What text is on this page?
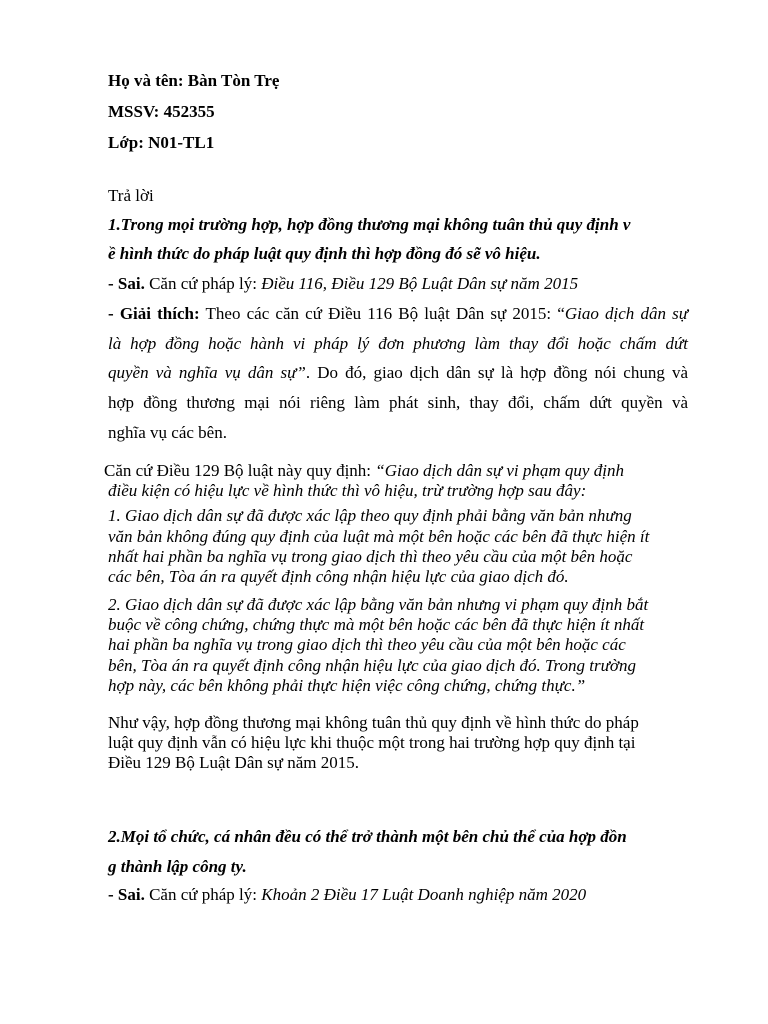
Họ và tên: Bàn Tòn Trẹ
MSSV: 452355
Lớp: N01-TL1
Trả lời
1.Trong mọi trường hợp, hợp đồng thương mại không tuân thủ quy định v
ề hình thức do pháp luật quy định thì hợp đồng đó sẽ vô hiệu.
- Sai. Căn cứ pháp lý: Điều 116, Điều 129 Bộ Luật Dân sự năm 2015
- Giải thích: Theo các căn cứ Điều 116 Bộ luật Dân sự 2015: “Giao dịch dân sự
là hợp đồng hoặc hành vi pháp lý đơn phương làm thay đổi hoặc chấm dứt
quyền và nghĩa vụ dân sự”. Do đó, giao dịch dân sự là hợp đồng nói chung và
hợp đồng thương mại nói riêng làm phát sinh, thay đổi, chấm dứt quyền và
nghĩa vụ các bên.
Căn cứ Điều 129 Bộ luật này quy định: “Giao dịch dân sự vi phạm quy định
điều kiện có hiệu lực về hình thức thì vô hiệu, trừ trường hợp sau đây:
1. Giao dịch dân sự đã được xác lập theo quy định phải bằng văn bản nhưng
văn bản không đúng quy định của luật mà một bên hoặc các bên đã thực hiện ít
nhất hai phần ba nghĩa vụ trong giao dịch thì theo yêu cầu của một bên hoặc
các bên, Tòa án ra quyết định công nhận hiệu lực của giao dịch đó.
2. Giao dịch dân sự đã được xác lập bằng văn bản nhưng vi phạm quy định bắt
buộc về công chứng, chứng thực mà một bên hoặc các bên đã thực hiện ít nhất
hai phần ba nghĩa vụ trong giao dịch thì theo yêu cầu của một bên hoặc các
bên, Tòa án ra quyết định công nhận hiệu lực của giao dịch đó. Trong trường
hợp này, các bên không phải thực hiện việc công chứng, chứng thực.”
Như vậy, hợp đồng thương mại không tuân thủ quy định về hình thức do pháp
luật quy định vẫn có hiệu lực khi thuộc một trong hai trường hợp quy định tại
Điều 129 Bộ Luật Dân sự năm 2015.
2.Mọi tổ chức, cá nhân đều có thể trở thành một bên chủ thể của hợp đồn
g thành lập công ty.
- Sai. Căn cứ pháp lý: Khoản 2 Điều 17 Luật Doanh nghiệp năm 2020
